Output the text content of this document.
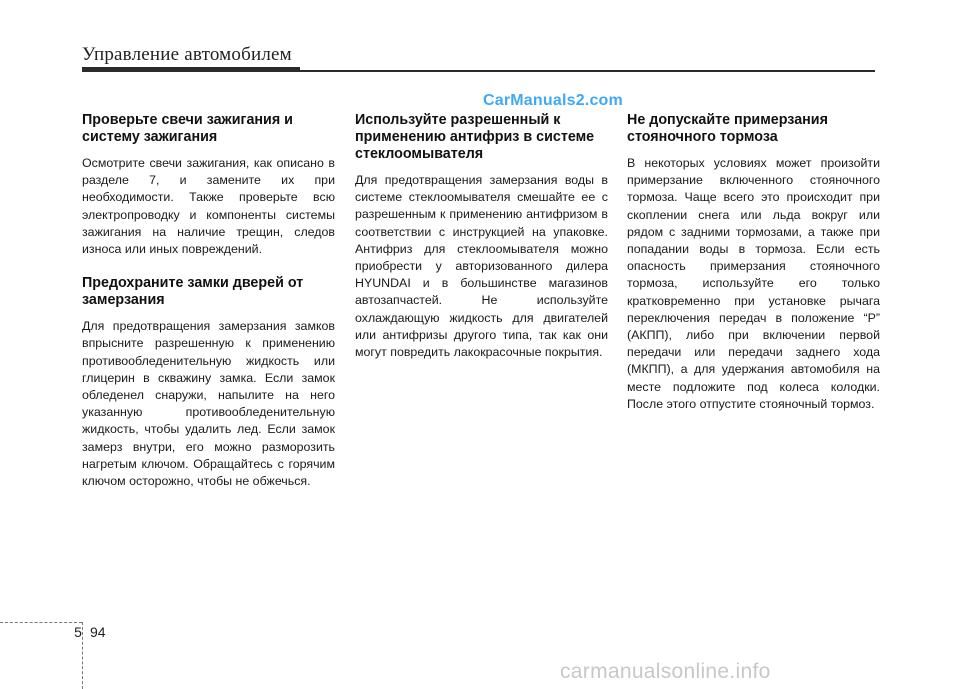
Управление автомобилем
CarManuals2.com
Проверьте свечи зажигания и систему зажигания

Осмотрите свечи зажигания, как описано в разделе 7, и замените их при необходимости. Также проверьте всю электропроводку и компоненты системы зажигания на наличие трещин, следов износа или иных повреждений.

Предохраните замки дверей от замерзания

Для предотвращения замерзания замков впрысните разрешенную к применению противообледенительную жидкость или глицерин в скважину замка. Если замок обледенел снаружи, напылите на него указанную противообледенительную жидкость, чтобы удалить лед. Если замок замерз внутри, его можно разморозить нагретым ключом. Обращайтесь с горячим ключом осторожно, чтобы не обжечься.

Используйте разрешенный к применению антифриз в системе стеклоомывателя

Для предотвращения замерзания воды в системе стеклоомывателя смешайте ее с разрешенным к применению антифризом в соответствии с инструкцией на упаковке. Антифриз для стеклоомывателя можно приобрести у авторизованного дилера HYUNDAI и в большинстве магазинов автозапчастей. Не используйте охлаждающую жидкость для двигателей или антифризы другого типа, так как они могут повредить лакокрасочные покрытия.

Не допускайте примерзания стояночного тормоза

В некоторых условиях может произойти примерзание включенного стояночного тормоза. Чаще всего это происходит при скоплении снега или льда вокруг или рядом с задними тормозами, а также при попадании воды в тормоза. Если есть опасность примерзания стояночного тормоза, используйте его только кратковременно при установке рычага переключения передач в положение “P” (АКПП), либо при включении первой передачи или передачи заднего хода (МКПП), а для удержания автомобиля на месте подложите под колеса колодки. После этого отпустите стояночный тормоз.

5 94
carmanualsonline.info
